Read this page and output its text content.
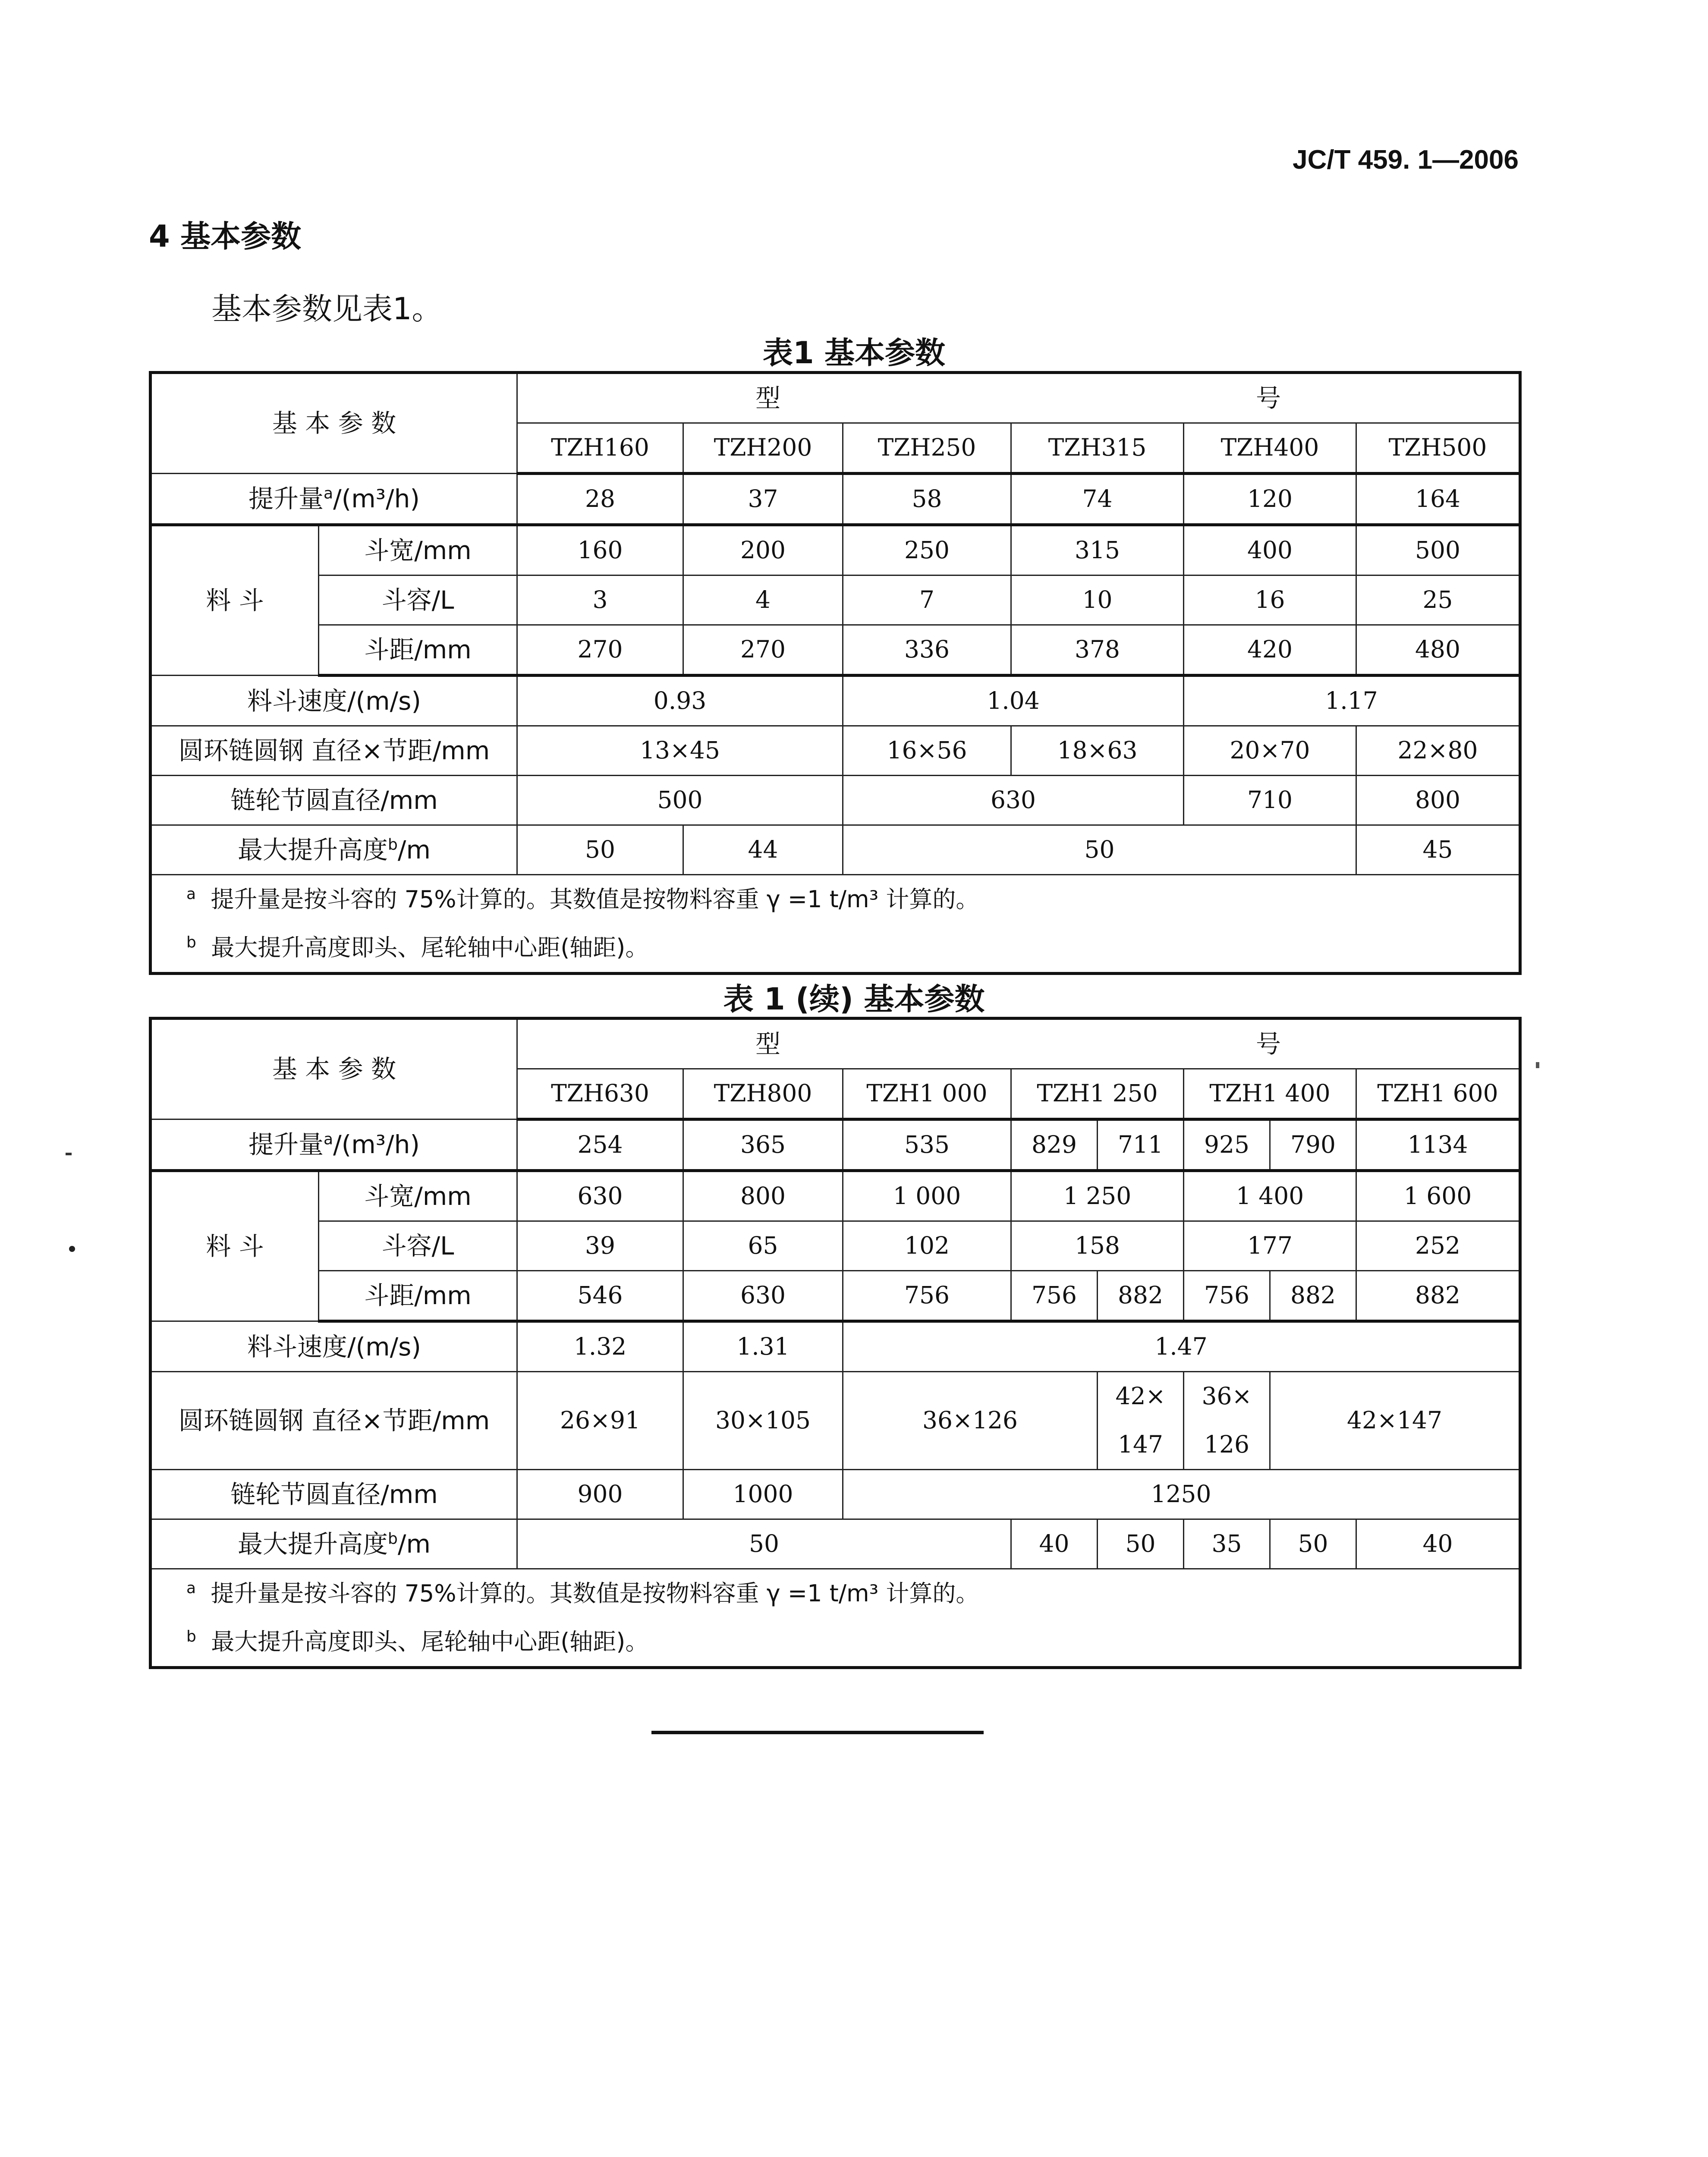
JC/T 459. 1—2006
4 基本参数
基本参数见表1。
表1 基本参数
基 本 参 数		型 号					

		TZH160	TZH200	TZH250	TZH315	TZH400	TZH500
提升量$^a$/(m³/h)		28	37	58	74	120	164
料 斗	斗宽/mm	160	200	250	315	400	500
	斗容/L	3	4	7	10	16	25
	斗距/mm	270	270	336	378	420	480
料斗速度/(m/s)		0.93		1.04		1.17	
圆环链圆钢 直径×节距/mm		13×45		16×56	18×63	20×70	22×80
链轮节圆直径/mm		500		630		710	800
最大提升高度$^b$/m		50	44	50			45
$^a$ 提升量是按斗容的 75%计算的。其数值是按物料容重 γ =1 t/m³ 计算的。							
$^b$ 最大提升高度即头、尾轮轴中心距(轴距)。							
表 1 (续) 基本参数
基 本 参 数		型 号							

		TZH630	TZH800	TZH1 000	TZH1 250		TZH1 400		TZH1 600
提升量$^a$/(m³/h)		254	365	535	829	711	925	790	1134
料 斗	斗宽/mm	630	800	1 000	1 250		1 400		1 600
	斗容/L	39	65	102	158		177		252
	斗距/mm	546	630	756	756	882	756	882	882
料斗速度/(m/s)		1.32	1.31	1.47					
圆环链圆钢 直径×节距/mm		26×91	30×105	36×126		42×	36×	42×147	
						147	126		
链轮节圆直径/mm		900	1000	1250					
最大提升高度$^b$/m		50			40	50	35	50	40
$^a$ 提升量是按斗容的 75%计算的。其数值是按物料容重 γ =1 t/m³ 计算的。									
$^b$ 最大提升高度即头、尾轮轴中心距(轴距)。									
